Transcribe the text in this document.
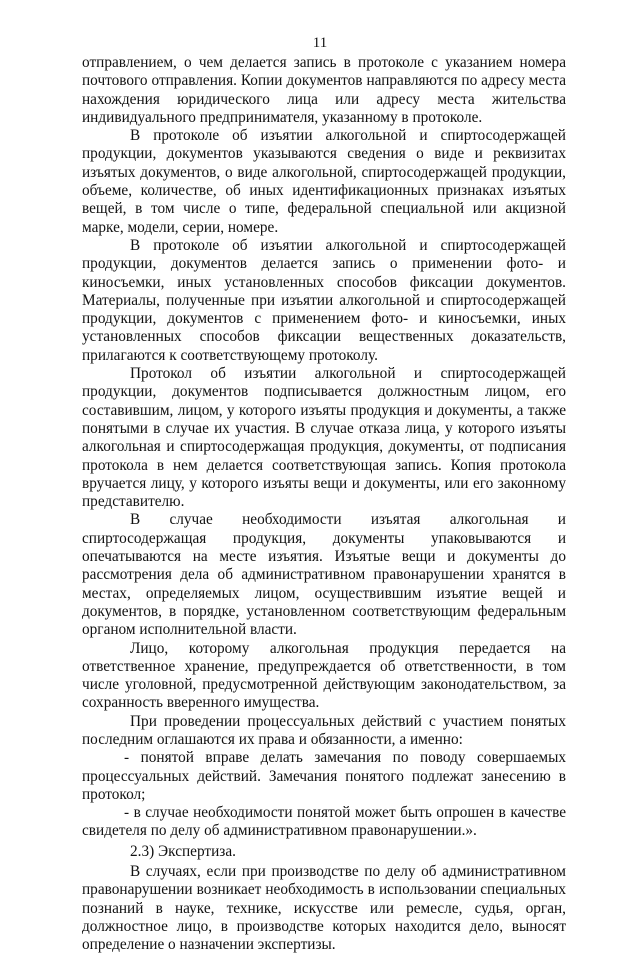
11

отправлением, о чем делается запись в протоколе с указанием номера почтового отправления. Копии документов направляются по адресу места нахождения юридического лица или адресу места жительства индивидуального предпринимателя, указанному в протоколе.

В протоколе об изъятии алкогольной и спиртосодержащей продукции, документов указываются сведения о виде и реквизитах изъятых документов, о виде алкогольной, спиртосодержащей продукции, объеме, количестве, об иных идентификационных признаках изъятых вещей, в том числе о типе, федеральной специальной или акцизной марке, модели, серии, номере.

В протоколе об изъятии алкогольной и спиртосодержащей продукции, документов делается запись о применении фото- и киносъемки, иных установленных способов фиксации документов. Материалы, полученные при изъятии алкогольной и спиртосодержащей продукции, документов с применением фото- и киносъемки, иных установленных способов фиксации вещественных доказательств, прилагаются к соответствующему протоколу.

Протокол об изъятии алкогольной и спиртосодержащей продукции, документов подписывается должностным лицом, его составившим, лицом, у которого изъяты продукция и документы, а также понятыми в случае их участия. В случае отказа лица, у которого изъяты алкогольная и спиртосодержащая продукция, документы, от подписания протокола в нем делается соответствующая запись. Копия протокола вручается лицу, у которого изъяты вещи и документы, или его законному представителю.

В случае необходимости изъятая алкогольная и спиртосодержащая продукция, документы упаковываются и опечатываются на месте изъятия. Изъятые вещи и документы до рассмотрения дела об административном правонарушении хранятся в местах, определяемых лицом, осуществившим изъятие вещей и документов, в порядке, установленном соответствующим федеральным органом исполнительной власти.

Лицо, которому алкогольная продукция передается на ответственное хранение, предупреждается об ответственности, в том числе уголовной, предусмотренной действующим законодательством, за сохранность вверенного имущества.

При проведении процессуальных действий с участием понятых последним оглашаются их права и обязанности, а именно:

- понятой вправе делать замечания по поводу совершаемых процессуальных действий. Замечания понятого подлежат занесению в протокол;

- в случае необходимости понятой может быть опрошен в качестве свидетеля по делу об административном правонарушении.».

2.3) Экспертиза.

В случаях, если при производстве по делу об административном правонарушении возникает необходимость в использовании специальных познаний в науке, технике, искусстве или ремесле, судья, орган, должностное лицо, в производстве которых находится дело, выносят определение о назначении экспертизы.
